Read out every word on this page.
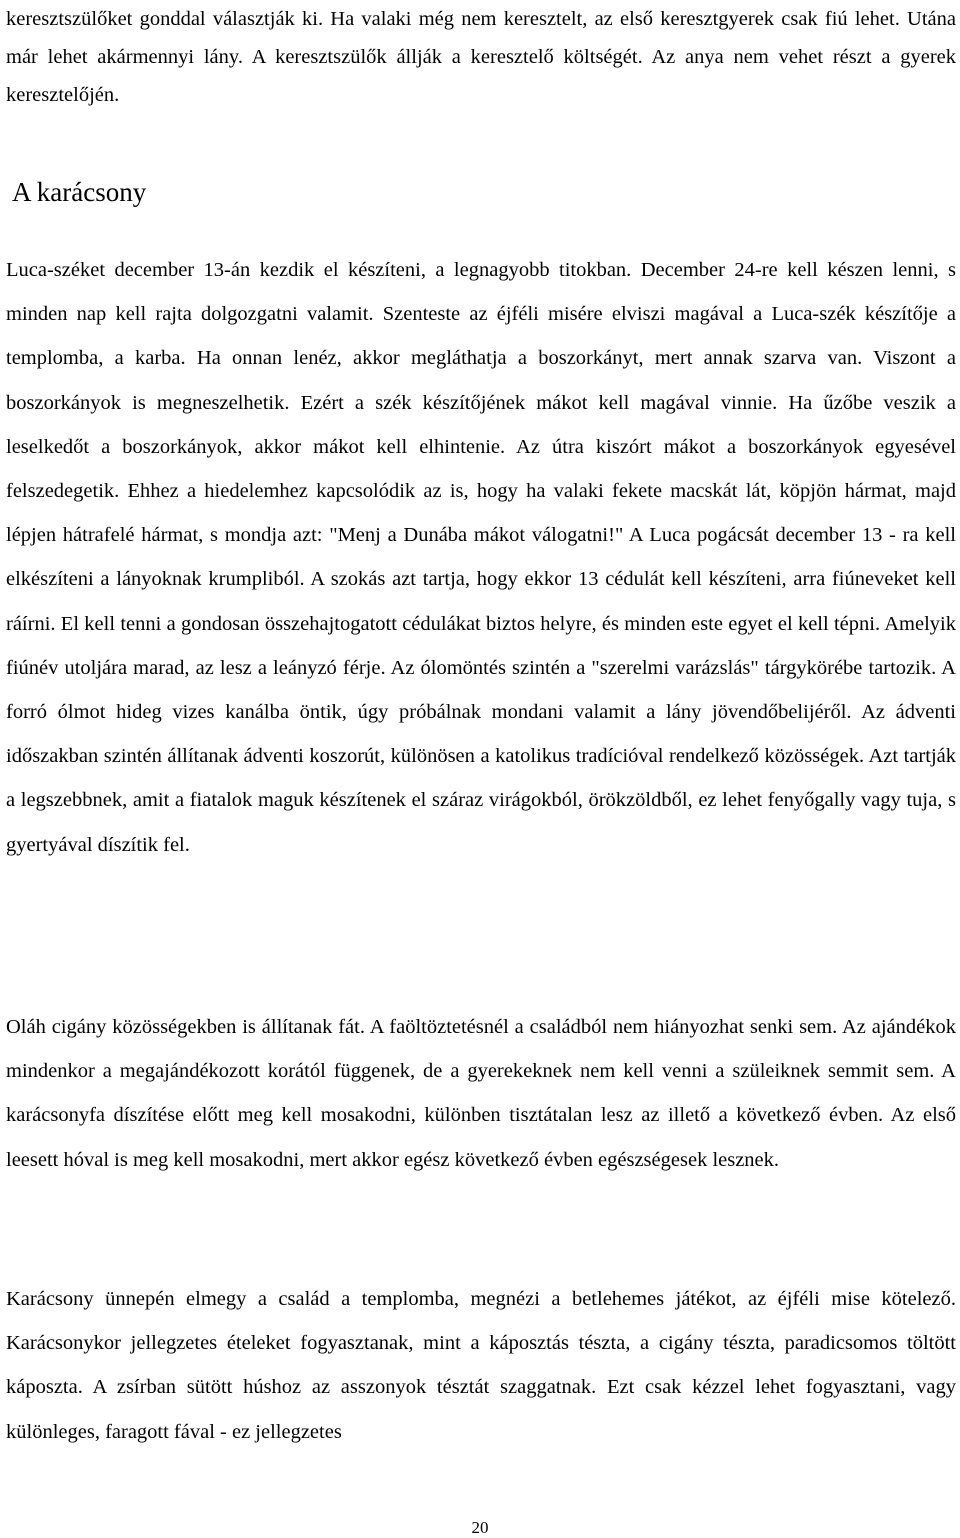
keresztszülőket gonddal választják ki. Ha valaki még nem keresztelt, az első keresztgyerek csak fiú lehet. Utána már lehet akármennyi lány. A keresztszülők állják a keresztelő költségét. Az anya nem vehet részt a gyerek keresztelőjén.

A karácsony

Luca-széket december 13-án kezdik el készíteni, a legnagyobb titokban. December 24-re kell készen lenni, s minden nap kell rajta dolgozgatni valamit. Szenteste az éjféli misére elviszi magával a Luca-szék készítője a templomba, a karba. Ha onnan lenéz, akkor megláthatja a boszorkányt, mert annak szarva van. Viszont a boszorkányok is megneszelhetik. Ezért a szék készítőjének mákot kell magával vinnie. Ha űzőbe veszik a leselkedőt a boszorkányok, akkor mákot kell elhintenie. Az útra kiszórt mákot a boszorkányok egyesével felszedegetik. Ehhez a hiedelemhez kapcsolódik az is, hogy ha valaki fekete macskát lát, köpjön hármat, majd lépjen hátrafelé hármat, s mondja azt: "Menj a Dunába mákot válogatni!" A Luca pogácsát december 13 - ra kell elkészíteni a lányoknak krumpliból. A szokás azt tartja, hogy ekkor 13 cédulát kell készíteni, arra fiúneveket kell ráírni. El kell tenni a gondosan összehajtogatott cédulákat biztos helyre, és minden este egyet el kell tépni. Amelyik fiúnév utoljára marad, az lesz a leányzó férje. Az ólomöntés szintén a "szerelmi varázslás" tárgykörébe tartozik. A forró ólmot hideg vizes kanálba öntik, úgy próbálnak mondani valamit a lány jövendőbelijéről. Az ádventi időszakban szintén állítanak ádventi koszorút, különösen a katolikus tradícióval rendelkező közösségek. Azt tartják a legszebbnek, amit a fiatalok maguk készítenek el száraz virágokból, örökzöldből, ez lehet fenyőgally vagy tuja, s gyertyával díszítik fel.

Oláh cigány közösségekben is állítanak fát. A faöltöztetésnél a családból nem hiányozhat senki sem. Az ajándékok mindenkor a megajándékozott korától függenek, de a gyerekeknek nem kell venni a szüleiknek semmit sem. A karácsonyfa díszítése előtt meg kell mosakodni, különben tisztátalan lesz az illető a következő évben. Az első leesett hóval is meg kell mosakodni, mert akkor egész következő évben egészségesek lesznek.

Karácsony ünnepén elmegy a család a templomba, megnézi a betlehemes játékot, az éjféli mise kötelező. Karácsonykor jellegzetes ételeket fogyasztanak, mint a káposztás tészta, a cigány tészta, paradicsomos töltött káposzta. A zsírban sütött húshoz az asszonyok tésztát szaggatnak. Ezt csak kézzel lehet fogyasztani, vagy különleges, faragott fával - ez jellegzetes

20
